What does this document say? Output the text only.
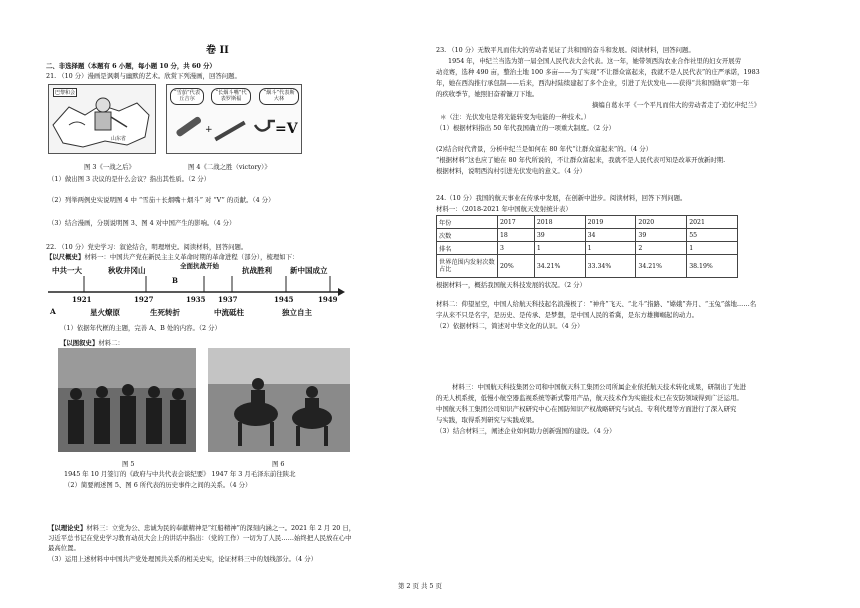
卷 II
二、非选择题（本题有 6 小题，每小题 10 分，共 60 分）
21. （10 分）漫画是讽刺与幽默的艺术。欣赏下列漫画，回答问题。
巴黎和会
山东省
“雪茄”代表丘吉尔
“长烟斗嘴”代表罗斯福
“烟斗”代表斯大林
+	=V
图 3《一战之后》	图 4《二战之胜（victory）》
（1）做出图 3 决议的是什么会议？指出其性质。（2 分）
（2）列举两例史实说明图 4 中 “雪茄＋长烟嘴＋烟斗” 对 “V” 的贡献。（4 分）
（3）结合漫画，分别说明图 3、图 4 对中国产生的影响。（4 分）
22. （10 分）党史学习：叙论结合，明理增史。阅读材料，回答问题。
【以尺概史】材料一：中国共产党在新民主主义革命时期的革命进程（部分），梳理如下：
中共一大	秋收井冈山
B
全面抗战开始	抗战胜利 新中国成立
1921	1927	1935 1937	1945	1949
A	星火燎原	生死转折	中流砥柱	独立自主
（1）依据年代框的主题，完善 A、B 处的内容。（2 分）
【以图叙史】材料二：
图 5	图 6
1945 年 10 月签订的《政府与中共代表会谈纪要》 1947 年 3 月毛泽东前往陕北
（2）简要阐述图 5、图 6 所代表的历史事件之间的关系。（4 分）
【以理论史】材料三：立党为公、忠诚为民的奉献精神是“红船精神”的深刻内涵之一。2021 年 2 月 20 日，
习近平总书记在党史学习教育动员大会上的讲话中指出：（党的工作）一切为了人民……始终把人民放在心中
最高位置。
（3）运用上述材料中中国共产党处理国共关系的相关史实，论证材料三中的划线部分。（4 分）
23. （10 分）无数平凡而伟大的劳动者见证了共和国的奋斗和发展。阅读材料，回答问题。
1954 年，申纪兰当选为第一届全国人民代表大会代表。这一年，她带领西沟农业合作社里的妇女开展劳
动竞赛，选种 490 亩，整治土地 100 多亩——为了实现“不让群众富起来，我就不是人民代表”的庄严承诺，1983
年，她在西沟推行承包制——后来，西沟村陆续建起了多个企业，引进了光伏发电——获得“共和国勋章”第一年
的疾收季节，她照旧奋着镰刀下地。
摘编自葛水平《一个平凡而伟大的劳动者走了·追忆申纪兰》
＊（注：光伏发电是将光能转变为电能的一种技术。）
（1）根据材料指出 50 年代我国确立的一项重大制度。（2 分）
(2)结合时代背景，分析申纪兰是如何在 80 年代“让群众富起来”的。（4 分）
“根据材料”这也应了她在 80 年代所说的，不让群众富起来，我就不是人民代表可知是改革开放新时期.
根据材料，说明西沟村引进光伏发电的意义。（4 分）
24.（10 分）我国的航天事业在传承中发展，在创新中进步。阅读材料，回答下列问题。
材料一：（2018-2021 年中国航天发射统计表）
年份	2017	2018	2019	2020	2021
次数	18	39	34	39	55
排名	3	1	1	2	1
世界范围内发射次数占比	20%	34.21%	33.34%	34.21%	38.19%
根据材料一，概括我国航天科技发展的状况。（2 分）
材料二：仰望星空，中国人给航天科技起名浪漫极了：“神舟”飞天、“北斗”指路、“嫦娥”奔月、“玉兔”落地……名
字从来不只是名字，是历史、是传承、是梦想，是中国人民的希冀，是东方雄狮崛起的动力。
（2）依据材料二，简述对中华文化的认识。（4 分）
材料三：中国航天科技集团公司和中国航天科工集团公司所属企业依托航天技术转化成果，研制出了先进
的无人机系统，低慢小航空器监视系统等新式警用产品，航天技术作为实施技术已在安防领域得到广泛运用。
中国航天科工集团公司知识产权研究中心在国防知识产权战略研究与试点、专利代理等方面进行了深入研究
与实践，取得系列研究与实践成果。
（3）结合材料三，阐述企业如何助力创新强国的建设。（4 分）
第 2 页 共 5 页
